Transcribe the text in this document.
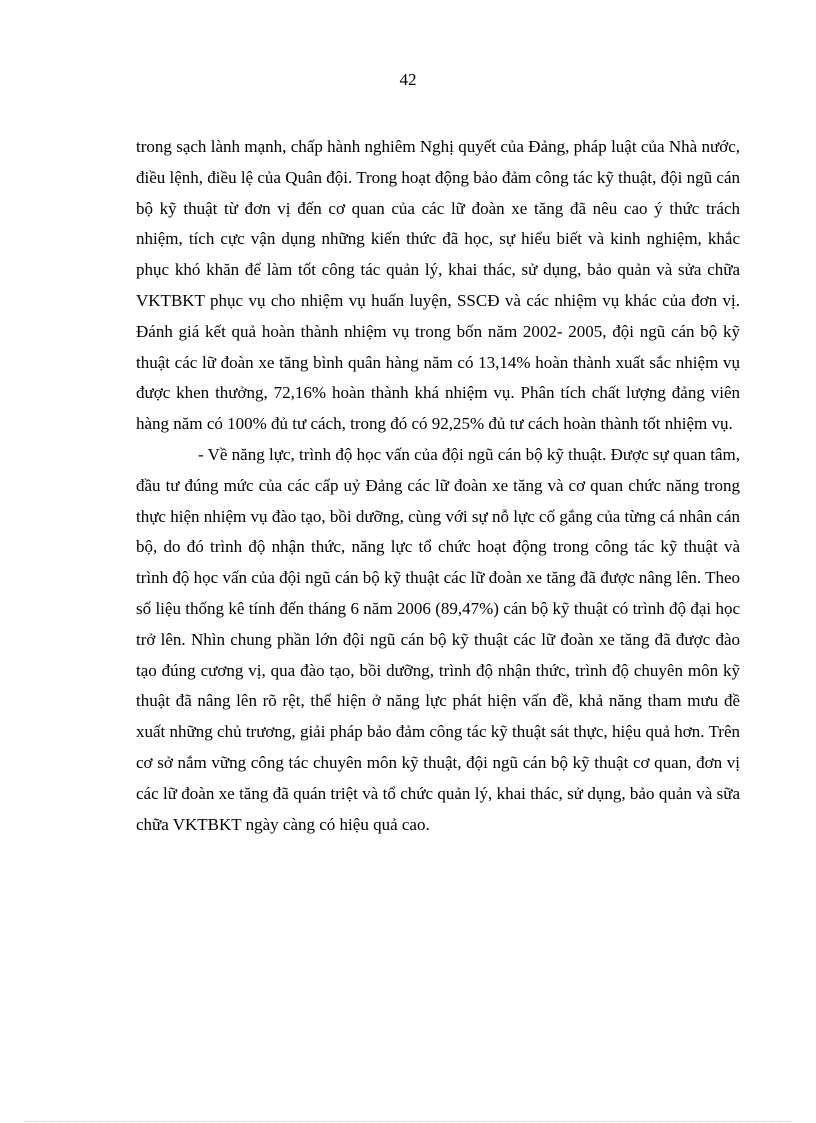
42

trong sạch lành mạnh, chấp hành nghiêm Nghị quyết của Đảng, pháp luật của Nhà nước, điều lệnh, điều lệ của Quân đội. Trong hoạt động bảo đảm công tác kỹ thuật, đội ngũ cán bộ kỹ thuật từ đơn vị đến cơ quan của các lữ đoàn xe tăng đã nêu cao ý thức trách nhiệm, tích cực vận dụng những kiến thức đã học, sự hiểu biết và kinh nghiệm, khắc phục khó khăn để làm tốt công tác quản lý, khai thác, sử dụng, bảo quản và sửa chữa VKTBKT phục vụ cho nhiệm vụ huấn luyện, SSCĐ và các nhiệm vụ khác của đơn vị. Đánh giá kết quả hoàn thành nhiệm vụ trong bốn năm 2002- 2005, đội ngũ cán bộ kỹ thuật các lữ đoàn xe tăng bình quân hàng năm có 13,14% hoàn thành xuất sắc nhiệm vụ được khen thưởng, 72,16% hoàn thành khá nhiệm vụ. Phân tích chất lượng đảng viên hàng năm có 100% đủ tư cách, trong đó có 92,25% đủ tư cách hoàn thành tốt nhiệm vụ.

- Về năng lực, trình độ học vấn của đội ngũ cán bộ kỹ thuật. Được sự quan tâm, đầu tư đúng mức của các cấp uỷ Đảng các lữ đoàn xe tăng và cơ quan chức năng trong thực hiện nhiệm vụ đào tạo, bồi dưỡng, cùng với sự nỗ lực cố gắng của từng cá nhân cán bộ, do đó trình độ nhận thức, năng lực tổ chức hoạt động trong công tác kỹ thuật và trình độ học vấn của đội ngũ cán bộ kỹ thuật các lữ đoàn xe tăng đã được nâng lên. Theo số liệu thống kê tính đến tháng 6 năm 2006 (89,47%) cán bộ kỹ thuật có trình độ đại học trở lên. Nhìn chung phần lớn đội ngũ cán bộ kỹ thuật các lữ đoàn xe tăng đã được đào tạo đúng cương vị, qua đào tạo, bồi dưỡng, trình độ nhận thức, trình độ chuyên môn kỹ thuật đã nâng lên rõ rệt, thể hiện ở năng lực phát hiện vấn đề, khả năng tham mưu đề xuất những chủ trương, giải pháp bảo đảm công tác kỹ thuật sát thực, hiệu quả hơn. Trên cơ sở nắm vững công tác chuyên môn kỹ thuật, đội ngũ cán bộ kỹ thuật cơ quan, đơn vị các lữ đoàn xe tăng đã quán triệt và tổ chức quản lý, khai thác, sử dụng, bảo quản và sữa chữa VKTBKT ngày càng có hiệu quả cao.
